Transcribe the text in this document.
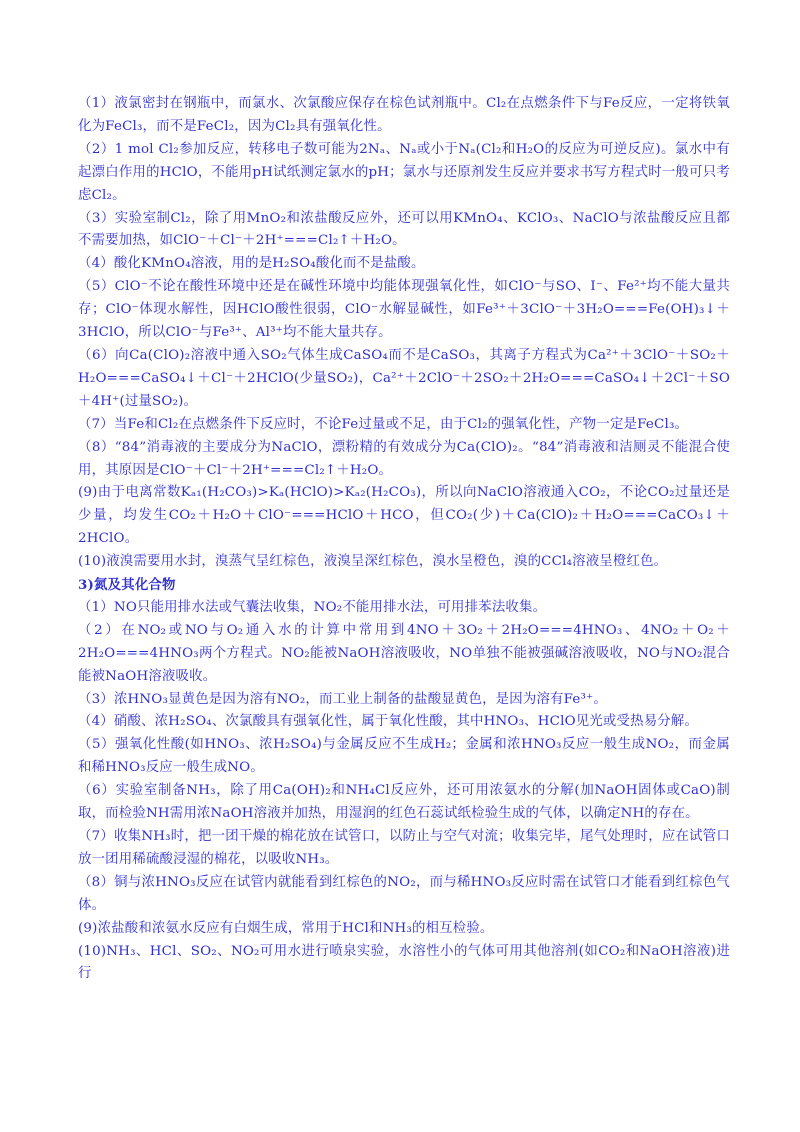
（1）液氯密封在钢瓶中，而氯水、次氯酸应保存在棕色试剂瓶中。Cl₂在点燃条件下与Fe反应，一定将铁氧化为FeCl₃，而不是FeCl₂，因为Cl₂具有强氧化性。

（2）1 mol Cl₂参加反应，转移电子数可能为2Nₐ、Nₐ或小于Nₐ(Cl₂和H₂O的反应为可逆反应)。氯水中有起漂白作用的HClO，不能用pH试纸测定氯水的pH；氯水与还原剂发生反应并要求书写方程式时一般可只考虑Cl₂。

（3）实验室制Cl₂，除了用MnO₂和浓盐酸反应外，还可以用KMnO₄、KClO₃、NaClO与浓盐酸反应且都不需要加热，如ClO⁻＋Cl⁻＋2H⁺===Cl₂↑＋H₂O。

（4）酸化KMnO₄溶液，用的是H₂SO₄酸化而不是盐酸。

（5）ClO⁻不论在酸性环境中还是在碱性环境中均能体现强氧化性，如ClO⁻与SO、I⁻、Fe²⁺均不能大量共存；ClO⁻体现水解性，因HClO酸性很弱，ClO⁻水解显碱性，如Fe³⁺＋3ClO⁻＋3H₂O===Fe(OH)₃↓＋3HClO，所以ClO⁻与Fe³⁺、Al³⁺均不能大量共存。

（6）向Ca(ClO)₂溶液中通入SO₂气体生成CaSO₄而不是CaSO₃，其离子方程式为Ca²⁺＋3ClO⁻＋SO₂＋H₂O===CaSO₄↓＋Cl⁻＋2HClO(少量SO₂)，Ca²⁺＋2ClO⁻＋2SO₂＋2H₂O===CaSO₄↓＋2Cl⁻＋SO＋4H⁺(过量SO₂)。

（7）当Fe和Cl₂在点燃条件下反应时，不论Fe过量或不足，由于Cl₂的强氧化性，产物一定是FeCl₃。

（8）“84”消毒液的主要成分为NaClO，漂粉精的有效成分为Ca(ClO)₂。“84”消毒液和洁厕灵不能混合使用，其原因是ClO⁻＋Cl⁻＋2H⁺===Cl₂↑＋H₂O。

(9)由于电离常数Kₐ₁(H₂CO₃)>Kₐ(HClO)>Kₐ₂(H₂CO₃)，所以向NaClO溶液通入CO₂，不论CO₂过量还是少量，均发生CO₂＋H₂O＋ClO⁻===HClO＋HCO，但CO₂(少)＋Ca(ClO)₂＋H₂O===CaCO₃↓＋2HClO。

(10)液溴需要用水封，溴蒸气呈红棕色，液溴呈深红棕色，溴水呈橙色，溴的CCl₄溶液呈橙红色。

3)氮及其化合物

（1）NO只能用排水法或气囊法收集，NO₂不能用排水法，可用排苯法收集。

（2）在NO₂或NO与O₂通入水的计算中常用到4NO＋3O₂＋2H₂O===4HNO₃、4NO₂＋O₂＋2H₂O===4HNO₃两个方程式。NO₂能被NaOH溶液吸收，NO单独不能被强碱溶液吸收，NO与NO₂混合能被NaOH溶液吸收。

（3）浓HNO₃显黄色是因为溶有NO₂，而工业上制备的盐酸显黄色，是因为溶有Fe³⁺。

（4）硝酸、浓H₂SO₄、次氯酸具有强氧化性，属于氧化性酸，其中HNO₃、HClO见光或受热易分解。

（5）强氧化性酸(如HNO₃、浓H₂SO₄)与金属反应不生成H₂；金属和浓HNO₃反应一般生成NO₂，而金属和稀HNO₃反应一般生成NO。

（6）实验室制备NH₃，除了用Ca(OH)₂和NH₄Cl反应外，还可用浓氨水的分解(加NaOH固体或CaO)制取，而检验NH需用浓NaOH溶液并加热，用湿润的红色石蕊试纸检验生成的气体，以确定NH的存在。

（7）收集NH₃时，把一团干燥的棉花放在试管口，以防止与空气对流；收集完毕，尾气处理时，应在试管口放一团用稀硫酸浸湿的棉花，以吸收NH₃。

（8）铜与浓HNO₃反应在试管内就能看到红棕色的NO₂，而与稀HNO₃反应时需在试管口才能看到红棕色气体。

(9)浓盐酸和浓氨水反应有白烟生成，常用于HCl和NH₃的相互检验。

(10)NH₃、HCl、SO₂、NO₂可用水进行喷泉实验，水溶性小的气体可用其他溶剂(如CO₂和NaOH溶液)进行
